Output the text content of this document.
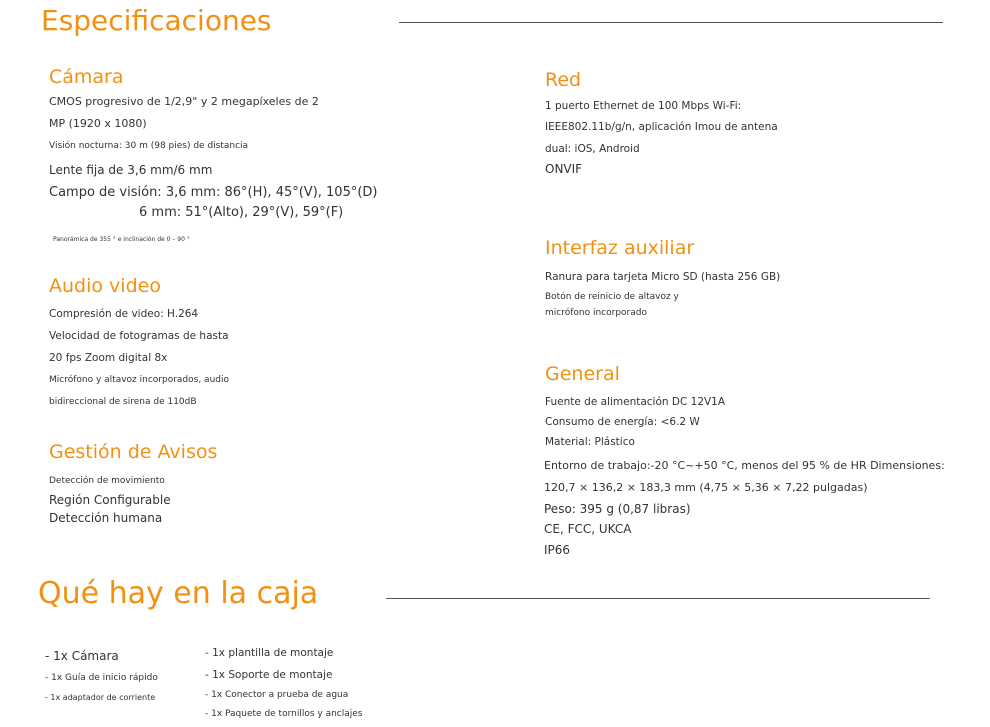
Especificaciones
Cámara
CMOS progresivo de 1/2,9" y 2 megapíxeles de 2
MP (1920 x 1080)
Visión nocturna: 30 m (98 pies) de distancia
Lente fija de 3,6 mm/6 mm
Campo de visión: 3,6 mm: 86°(H), 45°(V), 105°(D)
6 mm: 51°(Alto), 29°(V), 59°(F)
Panorámica de 355 ° e inclinación de 0 – 90 °
Audio video
Compresión de video: H.264
Velocidad de fotogramas de hasta
20 fps Zoom digital 8x
Micrófono y altavoz incorporados, audio
bidireccional de sirena de 110dB
Gestión de Avisos
Detección de movimiento
Región Configurable
Detección humana
Red
1 puerto Ethernet de 100 Mbps Wi-Fi:
IEEE802.11b/g/n, aplicación Imou de antena
dual: iOS, Android
ONVIF
Interfaz auxiliar
Ranura para tarjeta Micro SD (hasta 256 GB)
Botón de reinicio de altavoz y
micrófono incorporado
General
Fuente de alimentación DC 12V1A
Consumo de energía: <6.2 W
Material: Plástico
Entorno de trabajo:-20 °C~+50 °C, menos del 95 % de HR Dimensiones:
120,7 × 136,2 × 183,3 mm (4,75 × 5,36 × 7,22 pulgadas)
Peso: 395 g (0,87 libras)
CE, FCC, UKCA
IP66
Qué hay en la caja
- 1x Cámara
- 1x Guía de inicio rápido
- 1x adaptador de corriente
- 1x plantilla de montaje
- 1x Soporte de montaje
- 1x Conector a prueba de agua
- 1x Paquete de tornillos y anclajes
